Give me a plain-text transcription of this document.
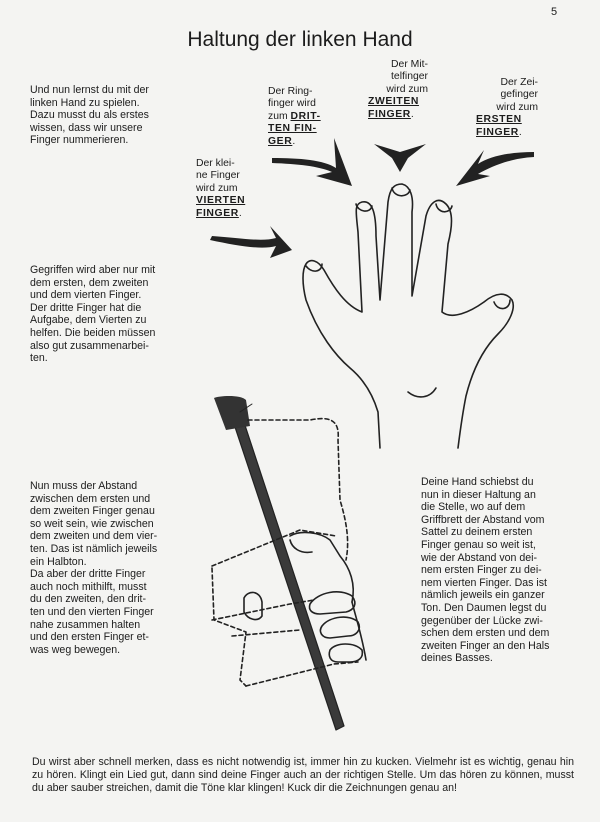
5
Haltung der linken Hand
Und nun lernst du mit der
linken Hand zu spielen.
Dazu musst du als erstes
wissen, dass wir unsere
Finger nummerieren.
Gegriffen wird aber nur mit
dem ersten, dem zweiten
und dem vierten Finger.
Der dritte Finger hat die
Aufgabe, dem Vierten zu
helfen. Die beiden müssen
also gut zusammenarbei-
ten.
Nun muss der Abstand
zwischen dem ersten und
dem zweiten Finger genau
so weit sein, wie zwischen
dem zweiten und dem vier-
ten. Das ist nämlich jeweils
ein Halbton.
Da aber der dritte Finger
auch noch mithilft, musst
du den zweiten, den drit-
ten und den vierten Finger
nahe zusammen halten
und den ersten Finger et-
was weg bewegen.
Deine Hand schiebst du
nun in dieser Haltung an
die Stelle, wo auf dem
Griffbrett der Abstand vom
Sattel zu deinem ersten
Finger genau so weit ist,
wie der Abstand von dei-
nem ersten Finger zu dei-
nem vierten Finger. Das ist
nämlich jeweils ein ganzer
Ton. Den Daumen legst du
gegenüber der Lücke zwi-
schen dem ersten und dem
zweiten Finger an den Hals
deines Basses.
Der klei-
ne Finger
wird zum
VIERTEN
FINGER.
Der Ring-
finger wird
zum DRIT-
TEN FIN-
GER.
Der Mit-
telfinger
wird zum
ZWEITEN
FINGER.
Der Zei-
gefinger
wird zum
ERSTEN
FINGER.

Du wirst aber schnell merken, dass es nicht notwendig ist, immer hin zu kucken. Vielmehr ist es wichtig, genau hin zu hören. Klingt ein Lied gut, dann sind deine Finger auch an der richtigen Stelle. Um das hören zu können, musst du aber sauber streichen, damit die Töne klar klingen! Kuck dir die Zeichnungen genau an!
